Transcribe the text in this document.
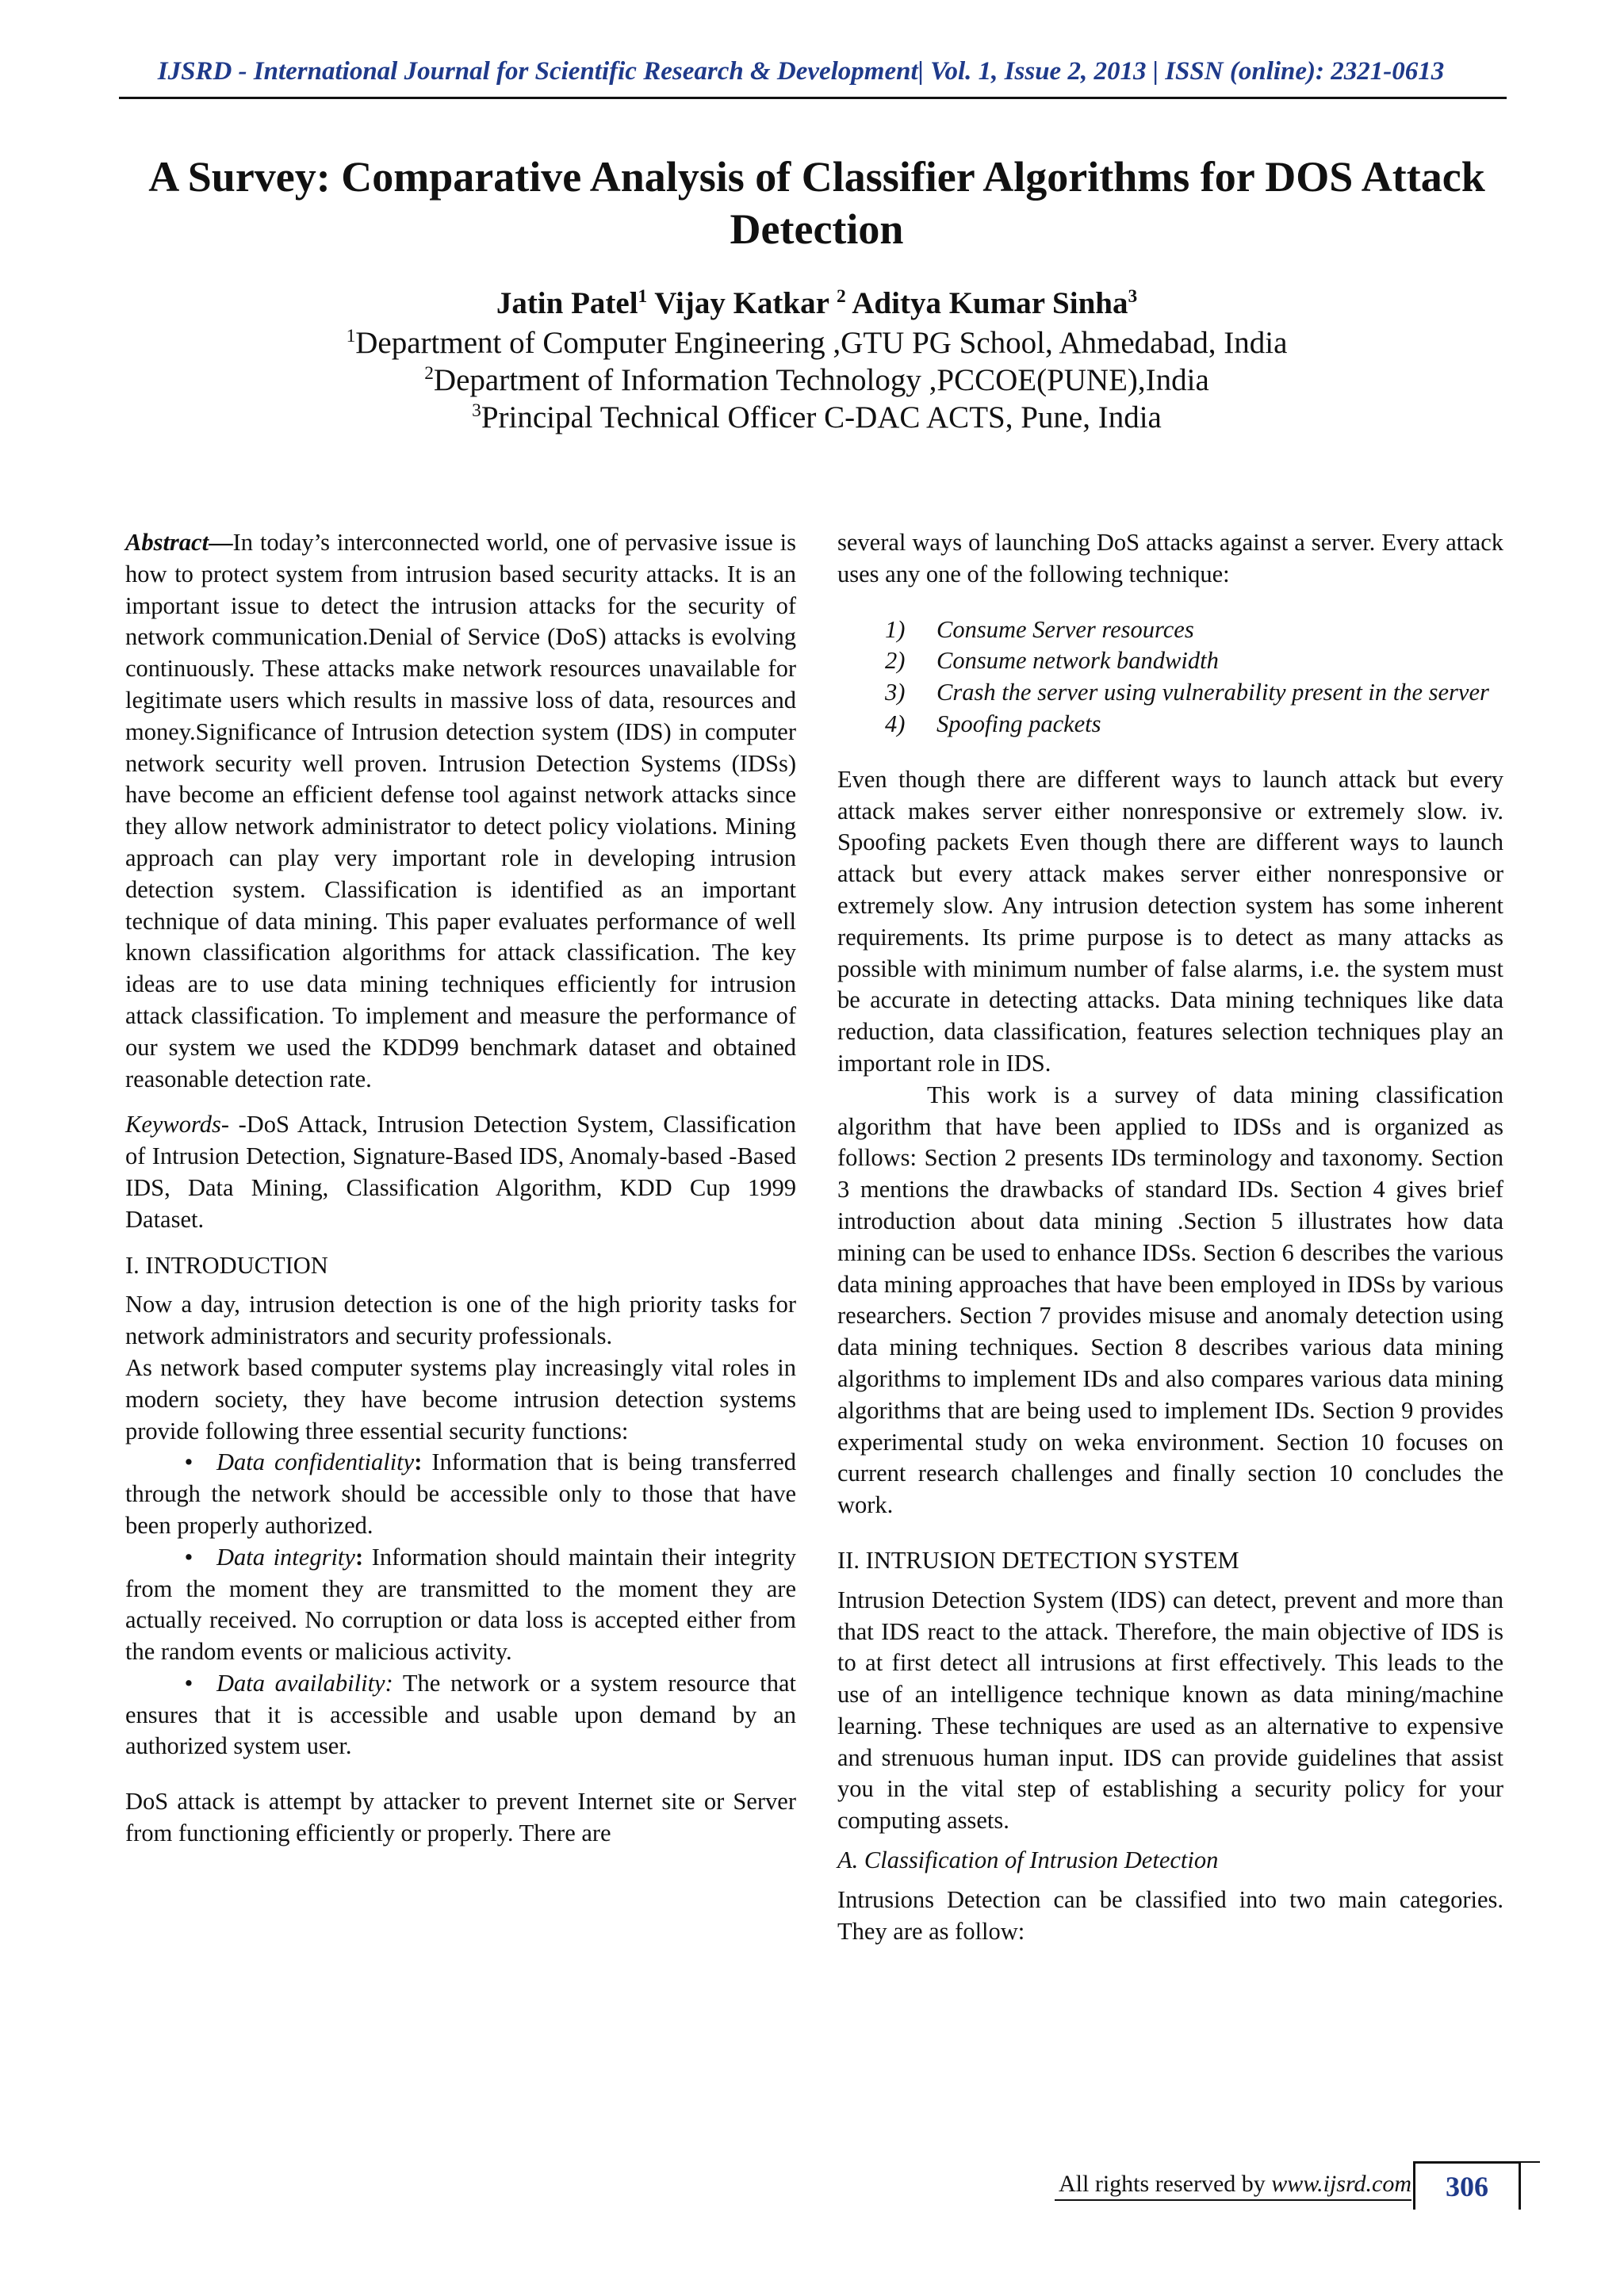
IJSRD - International Journal for Scientific Research & Development| Vol. 1, Issue 2, 2013 | ISSN (online): 2321-0613
A Survey: Comparative Analysis of Classifier Algorithms for DOS Attack Detection
Jatin Patel$^1$ Vijay Katkar $^2$ Aditya Kumar Sinha$^3$
$^1$Department of Computer Engineering ,GTU PG School, Ahmedabad, India
$^2$Department of Information Technology ,PCCOE(PUNE),India
$^3$Principal Technical Officer C-DAC ACTS, Pune, India

Abstract—In today’s interconnected world, one of pervasive issue is how to protect system from intrusion based security attacks. It is an important issue to detect the intrusion attacks for the security of network communication.Denial of Service (DoS) attacks is evolving continuously. These attacks make network resources unavailable for legitimate users which results in massive loss of data, resources and money.Significance of Intrusion detection system (IDS) in computer network security well proven. Intrusion Detection Systems (IDSs) have become an efficient defense tool against network attacks since they allow network administrator to detect policy violations. Mining approach can play very important role in developing intrusion detection system. Classification is identified as an important technique of data mining. This paper evaluates performance of well known classification algorithms for attack classification. The key ideas are to use data mining techniques efficiently for intrusion attack classification. To implement and measure the performance of our system we used the KDD99 benchmark dataset and obtained reasonable detection rate.

Keywords- -DoS Attack, Intrusion Detection System, Classification of Intrusion Detection, Signature-Based IDS, Anomaly-based -Based IDS, Data Mining, Classification Algorithm, KDD Cup 1999 Dataset.

I. INTRODUCTION

Now a day, intrusion detection is one of the high priority tasks for network administrators and security professionals.

As network based computer systems play increasingly vital roles in modern society, they have become intrusion detection systems provide following three essential security functions:

• Data confidentiality: Information that is being transferred through the network should be accessible only to those that have been properly authorized.

• Data integrity: Information should maintain their integrity from the moment they are transmitted to the moment they are actually received. No corruption or data loss is accepted either from the random events or malicious activity.

• Data availability: The network or a system resource that ensures that it is accessible and usable upon demand by an authorized system user.

DoS attack is attempt by attacker to prevent Internet site or Server from functioning efficiently or properly. There are

several ways of launching DoS attacks against a server. Every attack uses any one of the following technique:

1) Consume Server resources
2) Consume network bandwidth
3) Crash the server using vulnerability present in the server
4) Spoofing packets

Even though there are different ways to launch attack but every attack makes server either nonresponsive or extremely slow. iv. Spoofing packets Even though there are different ways to launch attack but every attack makes server either nonresponsive or extremely slow. Any intrusion detection system has some inherent requirements. Its prime purpose is to detect as many attacks as possible with minimum number of false alarms, i.e. the system must be accurate in detecting attacks. Data mining techniques like data reduction, data classification, features selection techniques play an important role in IDS.

This work is a survey of data mining classification algorithm that have been applied to IDSs and is organized as follows: Section 2 presents IDs terminology and taxonomy. Section 3 mentions the drawbacks of standard IDs. Section 4 gives brief introduction about data mining .Section 5 illustrates how data mining can be used to enhance IDSs. Section 6 describes the various data mining approaches that have been employed in IDSs by various researchers. Section 7 provides misuse and anomaly detection using data mining techniques. Section 8 describes various data mining algorithms to implement IDs and also compares various data mining algorithms that are being used to implement IDs. Section 9 provides experimental study on weka environment. Section 10 focuses on current research challenges and finally section 10 concludes the work.

II. INTRUSION DETECTION SYSTEM

Intrusion Detection System (IDS) can detect, prevent and more than that IDS react to the attack. Therefore, the main objective of IDS is to at first detect all intrusions at first effectively. This leads to the use of an intelligence technique known as data mining/machine learning. These techniques are used as an alternative to expensive and strenuous human input. IDS can provide guidelines that assist you in the vital step of establishing a security policy for your computing assets.

A. Classification of Intrusion Detection

Intrusions Detection can be classified into two main categories. They are as follow:

All rights reserved by www.ijsrd.com	306
